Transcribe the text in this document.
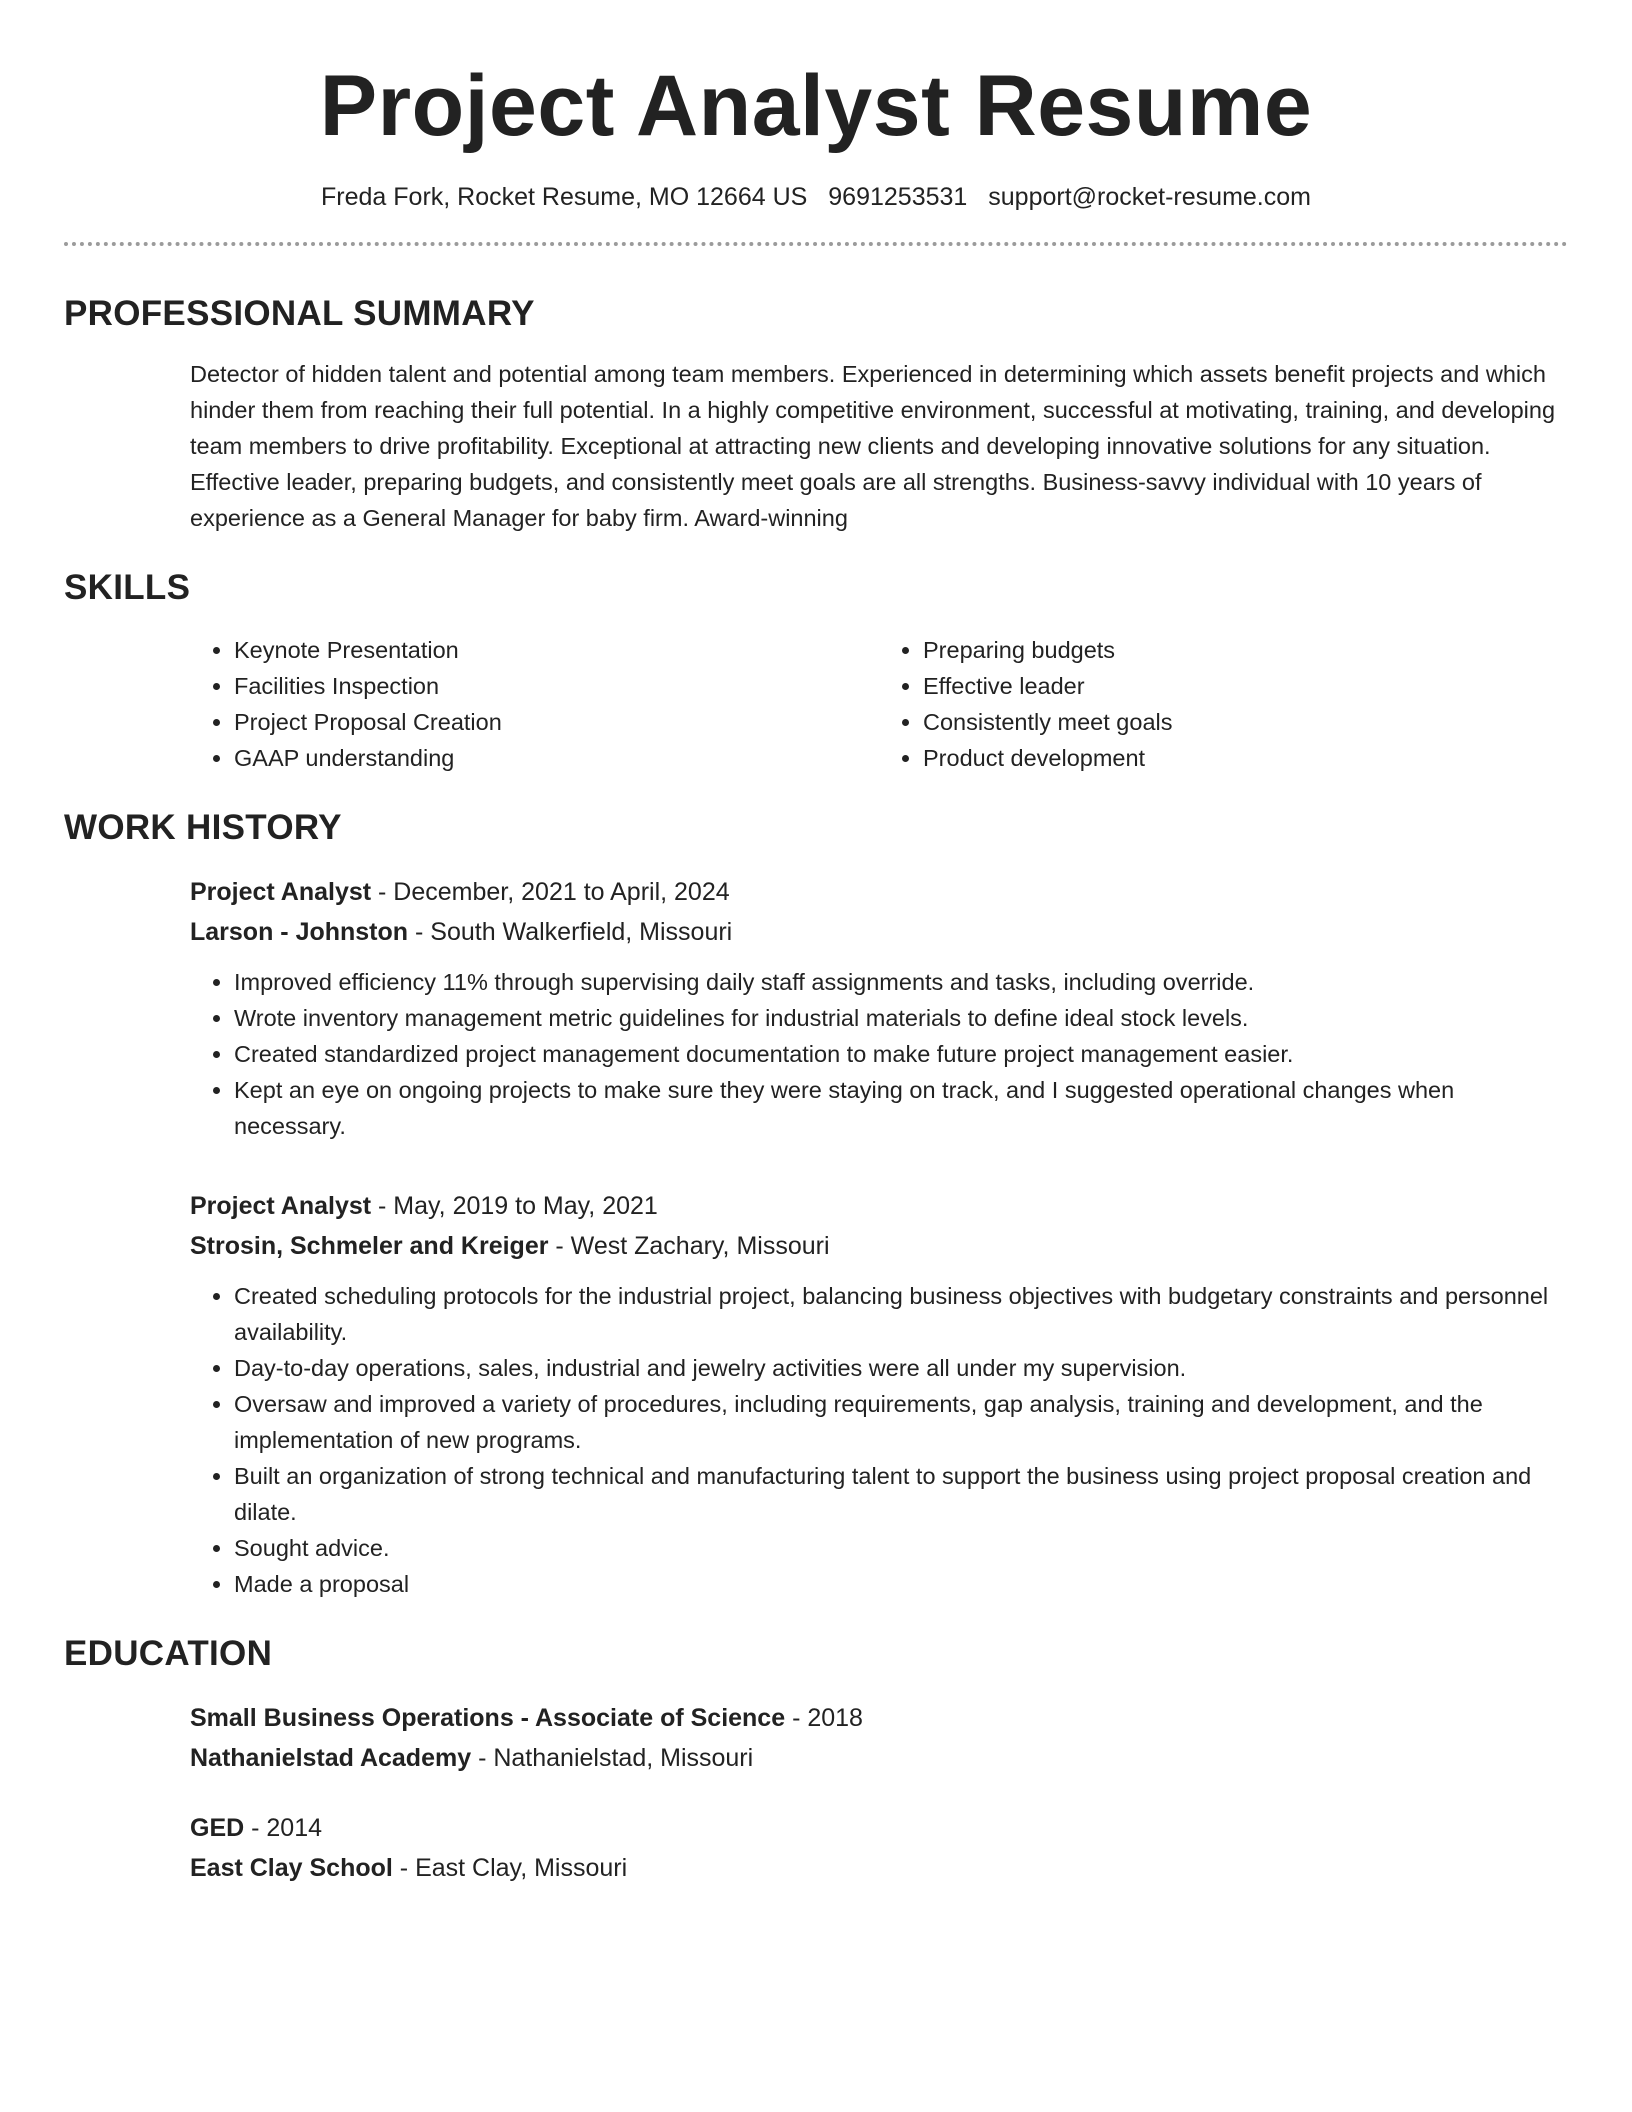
Project Analyst Resume
Freda Fork, Rocket Resume, MO 12664 US 9691253531 support@rocket-resume.com
PROFESSIONAL SUMMARY
Detector of hidden talent and potential among team members. Experienced in determining which assets benefit projects and which hinder them from reaching their full potential. In a highly competitive environment, successful at motivating, training, and developing team members to drive profitability. Exceptional at attracting new clients and developing innovative solutions for any situation. Effective leader, preparing budgets, and consistently meet goals are all strengths. Business-savvy individual with 10 years of experience as a General Manager for baby firm. Award-winning
SKILLS
• Keynote Presentation
• Facilities Inspection
• Project Proposal Creation
• GAAP understanding
• Preparing budgets
• Effective leader
• Consistently meet goals
• Product development
WORK HISTORY
Project Analyst - December, 2021 to April, 2024
Larson - Johnston - South Walkerfield, Missouri
• Improved efficiency 11% through supervising daily staff assignments and tasks, including override.
• Wrote inventory management metric guidelines for industrial materials to define ideal stock levels.
• Created standardized project management documentation to make future project management easier.
• Kept an eye on ongoing projects to make sure they were staying on track, and I suggested operational changes when necessary.
Project Analyst - May, 2019 to May, 2021
Strosin, Schmeler and Kreiger - West Zachary, Missouri
• Created scheduling protocols for the industrial project, balancing business objectives with budgetary constraints and personnel availability.
• Day-to-day operations, sales, industrial and jewelry activities were all under my supervision.
• Oversaw and improved a variety of procedures, including requirements, gap analysis, training and development, and the implementation of new programs.
• Built an organization of strong technical and manufacturing talent to support the business using project proposal creation and dilate.
• Sought advice.
• Made a proposal
EDUCATION
Small Business Operations - Associate of Science - 2018
Nathanielstad Academy - Nathanielstad, Missouri
GED - 2014
East Clay School - East Clay, Missouri
